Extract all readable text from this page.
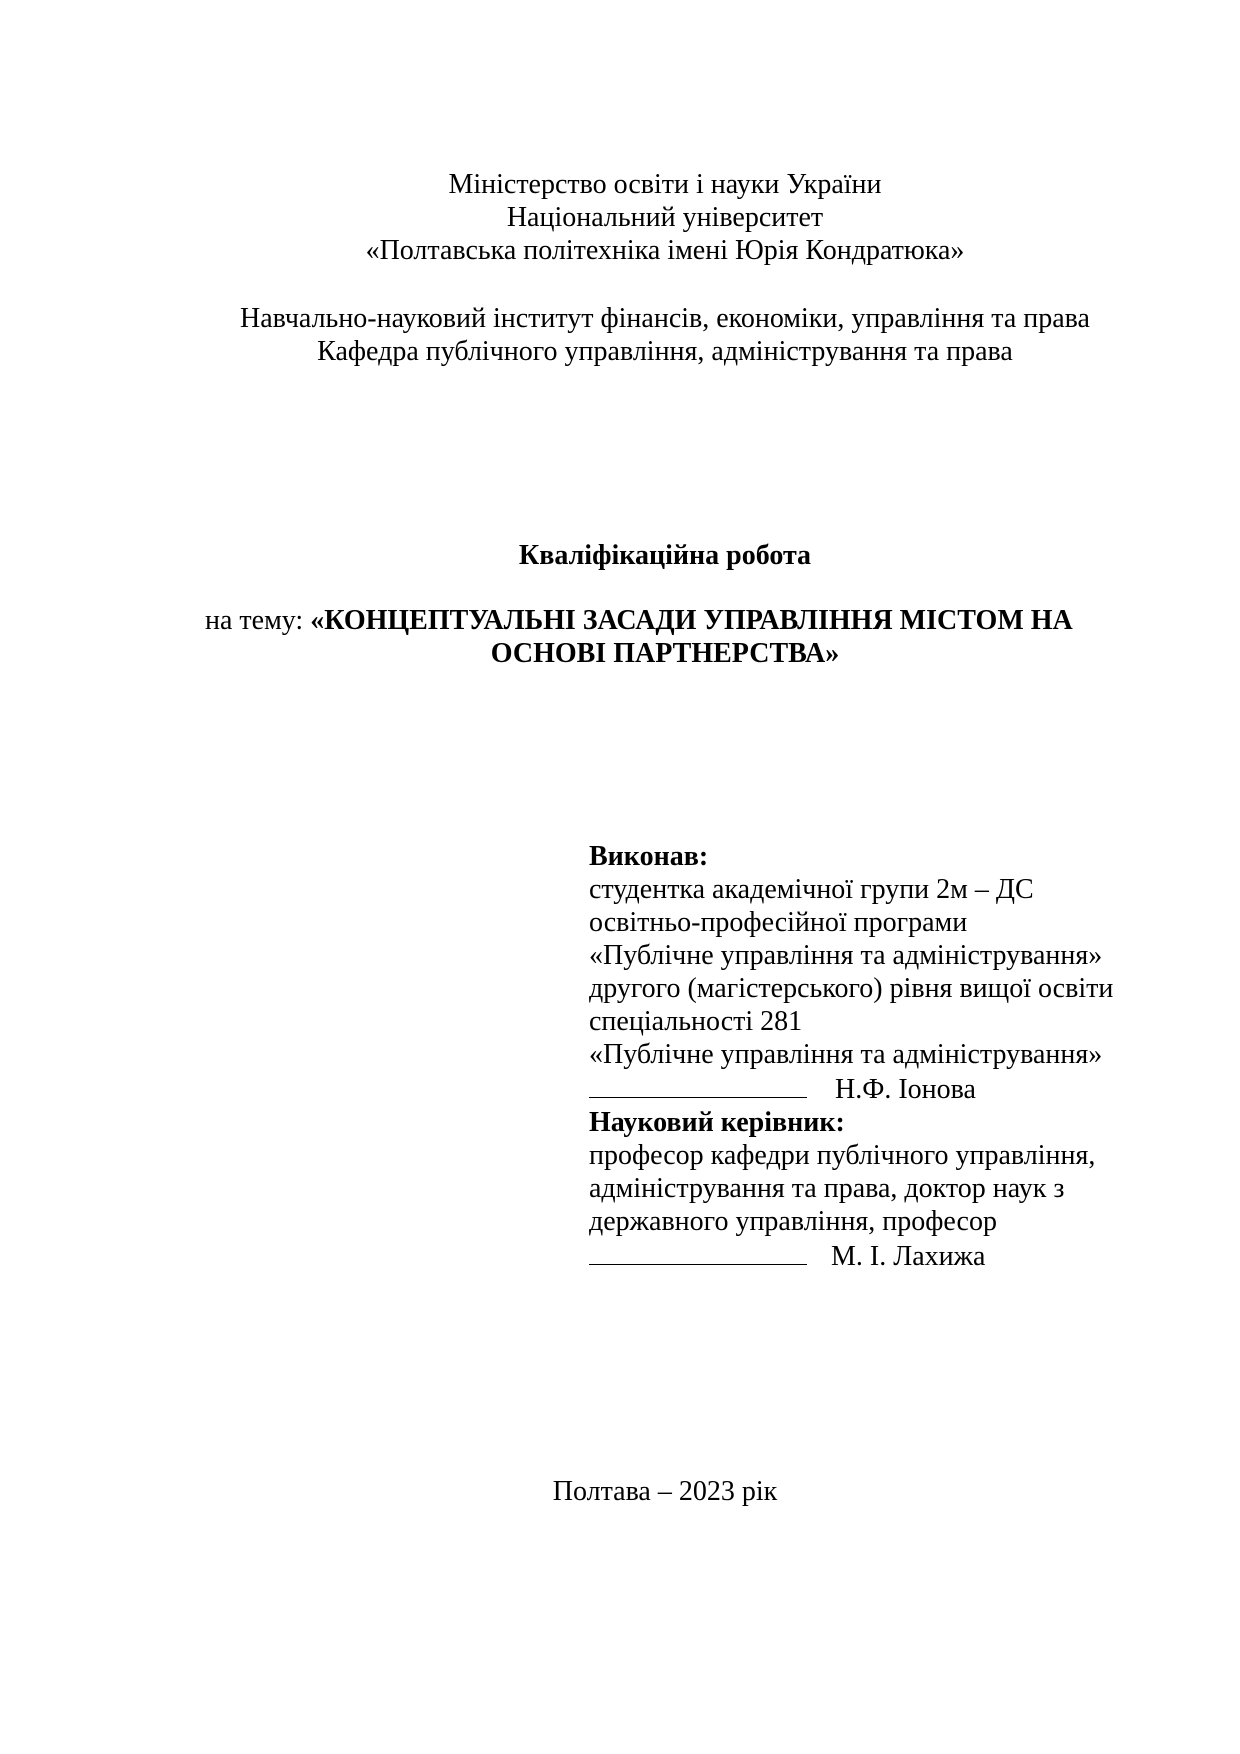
Міністерство освіти і науки України
Національний університет
«Полтавська політехніка імені Юрія Кондратюка»
Навчально-науковий інститут фінансів, економіки, управління та права
Кафедра публічного управління, адміністрування та права
Кваліфікаційна робота
на тему: «КОНЦЕПТУАЛЬНІ ЗАСАДИ УПРАВЛІННЯ МІСТОМ НА
ОСНОВІ ПАРТНЕРСТВА»
Виконав:
студентка академічної групи 2м – ДС
освітньо-професійної програми
«Публічне управління та адміністрування»
другого (магістерського) рівня вищої освіти
спеціальності 281
«Публічне управління та адміністрування»
Н.Ф. Іонова
Науковий керівник:
професор кафедри публічного управління,
адміністрування та права, доктор наук з
державного управління, професор
М. І. Лахижа
Полтава – 2023 рік
